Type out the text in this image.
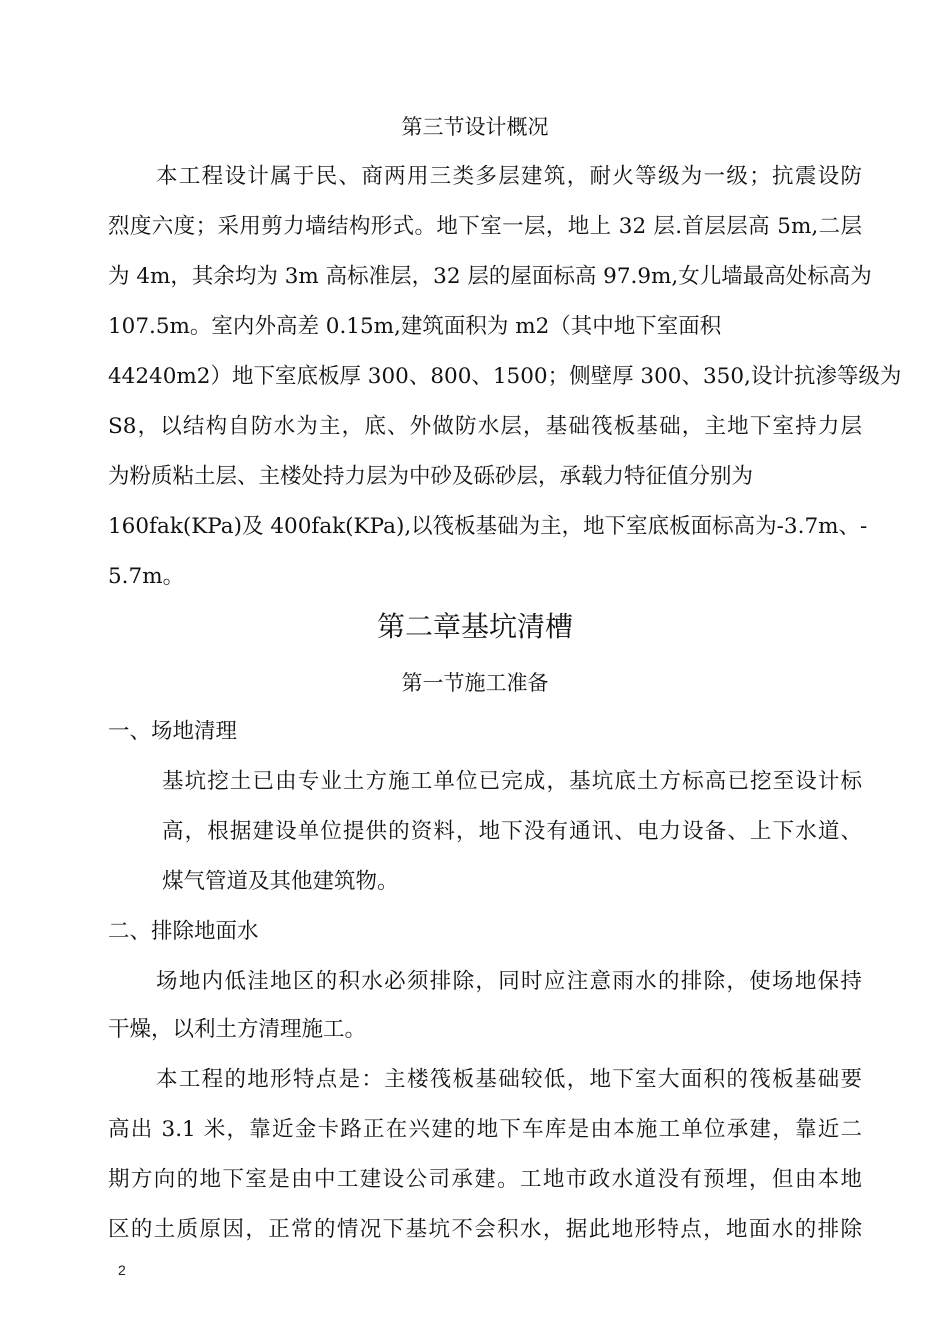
第三节设计概况
本工程设计属于民、商两用三类多层建筑，耐火等级为一级；抗震设防
烈度六度；采用剪力墙结构形式。地下室一层，地上 32 层.首层层高 5m,二层
为 4m，其余均为 3m 高标准层，32 层的屋面标高 97.9m,女儿墙最高处标高为
107.5m。室内外高差 0.15m,建筑面积为 m2（其中地下室面积
44240m2）地下室底板厚 300、800、1500；侧壁厚 300、350,设计抗渗等级为
S8，以结构自防水为主，底、外做防水层，基础筏板基础，主地下室持力层
为粉质粘土层、主楼处持力层为中砂及砾砂层，承载力特征值分别为
160fak(KPa)及 400fak(KPa),以筏板基础为主，地下室底板面标高为-3.7m、-
5.7m。
第二章基坑清槽
第一节施工准备
一、场地清理
基坑挖土已由专业土方施工单位已完成，基坑底土方标高已挖至设计标
高，根据建设单位提供的资料，地下没有通讯、电力设备、上下水道、
煤气管道及其他建筑物。
二、排除地面水
场地内低洼地区的积水必须排除，同时应注意雨水的排除，使场地保持
干燥，以利土方清理施工。
本工程的地形特点是：主楼筏板基础较低，地下室大面积的筏板基础要
高出 3.1 米，靠近金卡路正在兴建的地下车库是由本施工单位承建，靠近二
期方向的地下室是由中工建设公司承建。工地市政水道没有预埋，但由本地
区的土质原因，正常的情况下基坑不会积水，据此地形特点，地面水的排除
2
